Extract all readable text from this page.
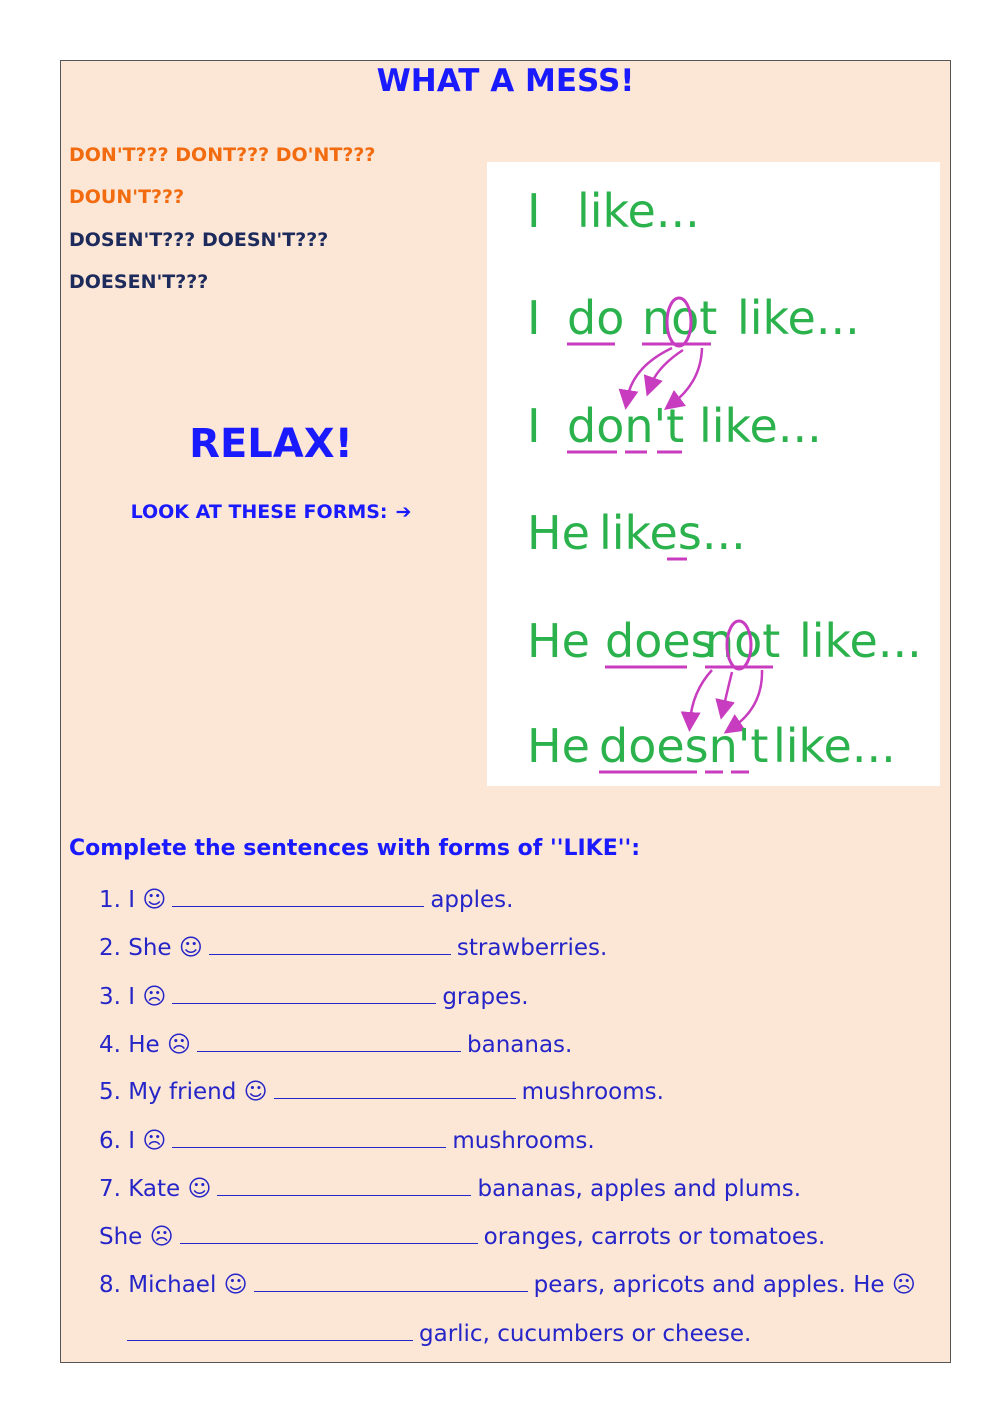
WHAT A MESS!
DON'T??? DONT??? DO'NT???
DOUN'T???
DOSEN'T??? DOESN'T???
DOESEN'T???
RELAX!
LOOK AT THESE FORMS: ➔
I like...
I do not like...
I don't like...
He likes...
He does
not like...
He doesn't like...
Complete the sentences with forms of ''LIKE'':
1. I ☺	apples.
2. She ☺	strawberries.
3. I ☹	grapes.
4. He ☹	bananas.
5. My friend ☺	mushrooms.
6. I ☹	mushrooms.
7. Kate ☺	bananas, apples and plums.
She ☹	oranges, carrots or tomatoes.
8. Michael ☺	pears, apricots and apples. He ☹
garlic, cucumbers or cheese.
